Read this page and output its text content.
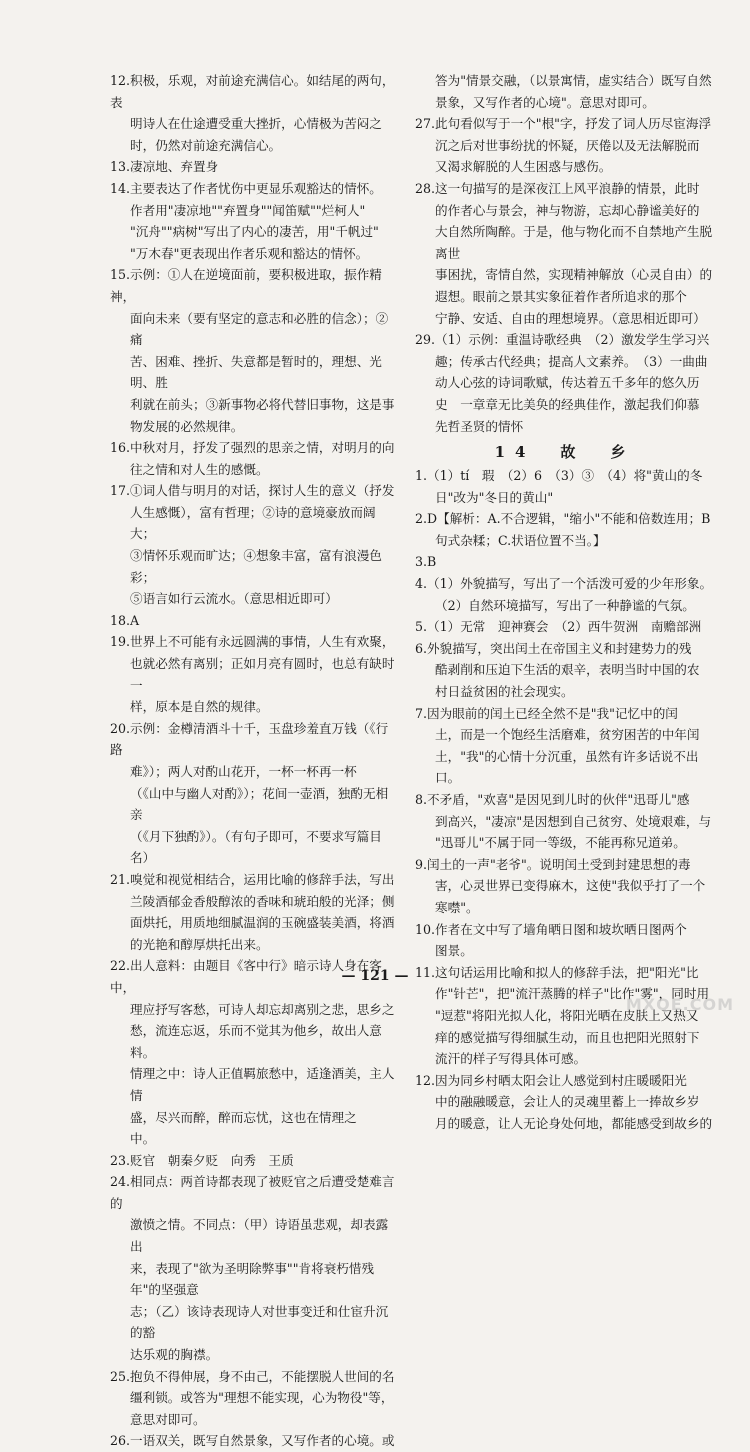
12.积极，乐观，对前途充满信心。如结尾的两句，表

明诗人在仕途遭受重大挫折，心情极为苦闷之

时，仍然对前途充满信心。

13.凄凉地、弃置身

14.主要表达了作者忧伤中更显乐观豁达的情怀。

作者用"凄凉地""弃置身""闻笛赋""烂柯人"

"沉舟""病树"写出了内心的凄苦，用"千帆过"

"万木春"更表现出作者乐观和豁达的情怀。

15.示例：①人在逆境面前，要积极进取，振作精神，

面向未来（要有坚定的意志和必胜的信念）；②痛

苦、困难、挫折、失意都是暂时的，理想、光明、胜

利就在前头；③新事物必将代替旧事物，这是事

物发展的必然规律。

16.中秋对月，抒发了强烈的思亲之情，对明月的向

往之情和对人生的感慨。

17.①词人借与明月的对话，探讨人生的意义（抒发

人生感慨），富有哲理；②诗的意境豪放而阔大；

③情怀乐观而旷达；④想象丰富，富有浪漫色彩；

⑤语言如行云流水。（意思相近即可）

18.A

19.世界上不可能有永远圆满的事情，人生有欢聚，

也就必然有离别；正如月亮有圆时，也总有缺时一

样，原本是自然的规律。

20.示例：金樽清酒斗十千，玉盘珍羞直万钱（《行路

难》）；两人对酌山花开，一杯一杯再一杯

（《山中与幽人对酌》）；花间一壶酒，独酌无相亲

（《月下独酌》）。（有句子即可，不要求写篇目

名）

21.嗅觉和视觉相结合，运用比喻的修辞手法，写出

兰陵酒郁金香般醇浓的香味和琥珀般的光泽；侧

面烘托，用质地细腻温润的玉碗盛装美酒，将酒

的光艳和醇厚烘托出来。

22.出人意料：由题目《客中行》暗示诗人身在客中，

理应抒写客愁，可诗人却忘却离别之悲，思乡之

愁，流连忘返，乐而不觉其为他乡，故出人意料。

情理之中：诗人正值羁旅愁中，适逢酒美，主人情

盛，尽兴而醉，醉而忘忧，这也在情理之

中。

23.贬官　朝秦夕贬　向秀　王质

24.相同点：两首诗都表现了被贬官之后遭受楚难言的

激愤之情。不同点：（甲）诗语虽悲观，却表露出

来，表现了"欲为圣明除弊事""肯将衰朽惜残年"的坚强意

志；（乙）该诗表现诗人对世事变迁和仕宦升沉的豁

达乐观的胸襟。

25.抱负不得伸展，身不由己，不能摆脱人世间的名

缰利锁。或答为"理想不能实现，心为物役"等，

意思对即可。

26.一语双关，既写自然景象，又写作者的心境。或

答为"情景交融，（以景寓情，虚实结合）既写自然

景象，又写作者的心境"。意思对即可。

27.此句看似写于一个"根"字，抒发了词人历尽宦海浮

沉之后对世事纷扰的怀疑，厌倦以及无法解脱而

又渴求解脱的人生困惑与感伤。

28.这一句描写的是深夜江上风平浪静的情景，此时

的作者心与景会，神与物游，忘却心静谧美好的

大自然所陶醉。于是，他与物化而不自禁地产生脱离世

事困扰，寄情自然，实现精神解放（心灵自由）的

遐想。眼前之景其实象征着作者所追求的那个

宁静、安适、自由的理想境界。（意思相近即可）

29.（1）示例：重温诗歌经典　（2）激发学生学习兴

趣；传承古代经典；提高人文素养。　（3）一曲曲

动人心弦的诗词歌赋，传达着五千多年的悠久历

史　一章章无比美奂的经典佳作，激起我们仰慕

先哲圣贤的情怀

14　故　乡

1.（1）tí　瑕　（2）6　（3）③　（4）将"黄山的冬

日"改为"冬日的黄山"

2.D【解析：A.不合逻辑，"缩小"不能和倍数连用；B

句式杂糅；C.状语位置不当。】

3.B

4.（1）外貌描写，写出了一个活泼可爱的少年形象。

（2）自然环境描写，写出了一种静谧的气氛。

5.（1）无常　迎神赛会　（2）西牛贺洲　南赡部洲

6.外貌描写，突出闰土在帝国主义和封建势力的残

酷剥削和压迫下生活的艰辛，表明当时中国的农

村日益贫困的社会现实。

7.因为眼前的闰土已经全然不是"我"记忆中的闰

土，而是一个饱经生活磨难，贫穷困苦的中年闰

土，"我"的心情十分沉重，虽然有许多话说不出

口。

8.不矛盾，"欢喜"是因见到儿时的伙伴"迅哥儿"感

到高兴，"凄凉"是因想到自己贫穷、处境艰难，与

"迅哥儿"不属于同一等级，不能再称兄道弟。

9.闰土的一声"老爷"。说明闰土受到封建思想的毒

害，心灵世界已变得麻木，这使"我似乎打了一个

寒噤"。

10.作者在文中写了墙角晒日图和坡坎晒日图两个

图景。

11.这句话运用比喻和拟人的修辞手法，把"阳光"比

作"针芒"，把"流汗蒸腾的样子"比作"雾"，同时用

"逗惹"将阳光拟人化，将阳光晒在皮肤上又热又

痒的感觉描写得细腻生动，而且也把阳光照射下

流汗的样子写得具体可感。

12.因为同乡村晒太阳会让人感觉到村庄暖暖阳光

中的融融暖意，会让人的灵魂里蓄上一捧故乡岁

月的暖意，让人无论身处何地，都能感受到故乡的

— 121 —
MXQE.COM
